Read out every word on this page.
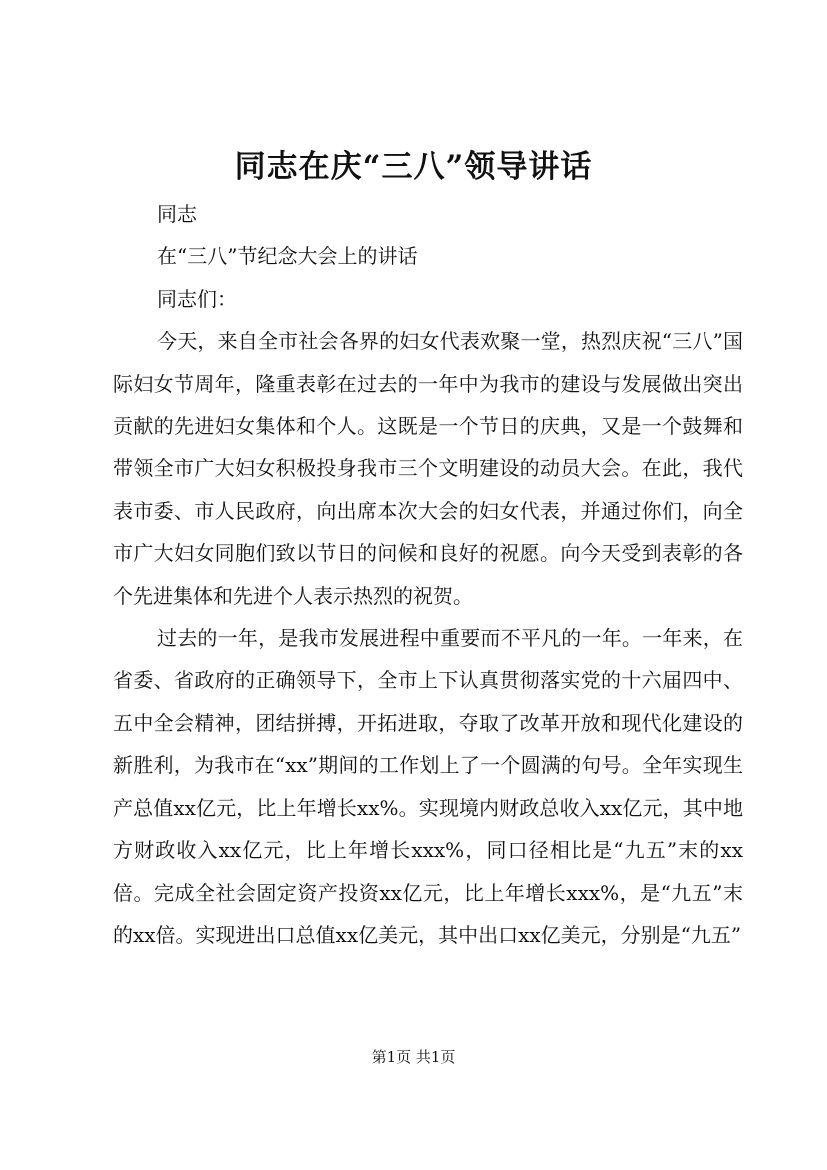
同志在庆“三八”领导讲话

同志

在“三八”节纪念大会上的讲话

同志们：

今天，来自全市社会各界的妇女代表欢聚一堂，热烈庆祝“三八”国际妇女节周年，隆重表彰在过去的一年中为我市的建设与发展做出突出贡献的先进妇女集体和个人。这既是一个节日的庆典，又是一个鼓舞和带领全市广大妇女积极投身我市三个文明建设的动员大会。在此，我代表市委、市人民政府，向出席本次大会的妇女代表，并通过你们，向全市广大妇女同胞们致以节日的问候和良好的祝愿。向今天受到表彰的各个先进集体和先进个人表示热烈的祝贺。

过去的一年，是我市发展进程中重要而不平凡的一年。一年来，在省委、省政府的正确领导下，全市上下认真贯彻落实党的十六届四中、五中全会精神，团结拼搏，开拓进取，夺取了改革开放和现代化建设的新胜利，为我市在“xx”期间的工作划上了一个圆满的句号。全年实现生产总值xx亿元，比上年增长xx%。实现境内财政总收入xx亿元，其中地方财政收入xx亿元，比上年增长xxx%，同口径相比是“九五”末的xx倍。完成全社会固定资产投资xx亿元，比上年增长xxx%，是“九五”末的xx倍。实现进出口总值xx亿美元，其中出口xx亿美元，分别是“九五”

第1页 共1页
